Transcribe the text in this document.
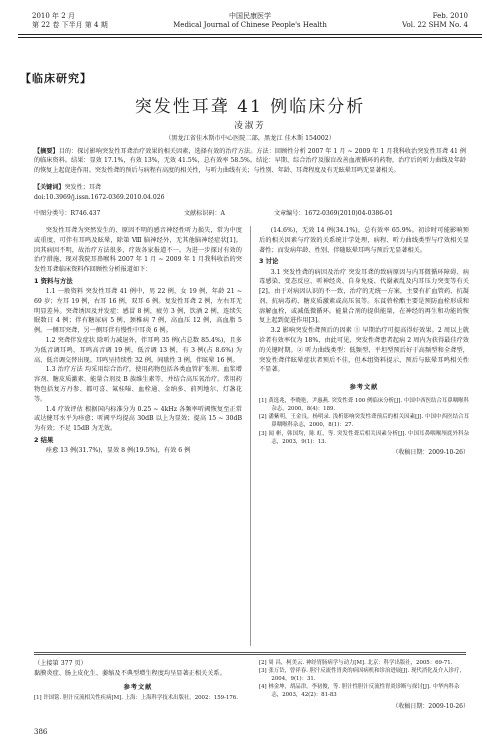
2010 年 2 月
第 22 卷 下半月 第 4 期
中国民康医学
Medical Journal of Chinese People's Health
Feb. 2010
Vol. 22 SHM No. 4
【临床研究】
突发性耳聋 41 例临床分析
凌淑芳
（黑龙江省佳木斯市中心医院二部，黑龙江 佳木斯 154002）
【摘要】目的：探讨影响突发性耳聋治疗效果的相关因素，选择有效的治疗方法。方法：回顾性分析 2007 年 1 月 ~ 2009 年 1 月我科收治突发性耳聋 41 例的临床资料。结果：显效 17.1%，有效 13%，无效 41.5%，总有效率 58.5%。结论：早期、综合治疗及服盲改善血液循环的药物，治疗后的听力曲线及年龄的恢复上起促进作用。突发性聋的预后与病程有高度的相关性，与听力曲线有关；与性别、年龄、耳聋程度及有无眩晕耳鸣无显著相关。
【关键词】突发性；耳聋
doi:10.3969/j.issn.1672-0369.2010.04.026
中图分类号：R746.437	文献标识码：A	文章编号：1672-0369(2010)04-0386-01

突发性耳聋为突然发生的、原因不明的感音神经性听力损失，常为中度或重度，可伴有耳鸣及眩晕，除第 Ⅷ 脑神经外，无其他脑神经症状[1]。因其病因不明，故治疗方法很多，疗效各家报道不一。为进一步探讨有效的治疗措施，现对我院耳鼻喉科 2007 年 1 月 ~ 2009 年 1 月我科收治的突发性耳聋临床资料作回顾性分析报道如下：

1 资料与方法

1.1 一般资料 突发性耳聋 41 例中，男 22 例，女 19 例，年龄 21 ~ 69 岁；左耳 19 例，右耳 16 例，双耳 6 例。复发性耳聋 2 例，左右耳无明显差异。突聋诱因及并发症：感冒 8 例，疲劳 3 例，饮酒 2 例，连续失眠数日 4 例；伴有糖尿病 5 例，颈椎病 7 例，高血压 12 例，高血脂 5 例。一侧耳突聋，另一侧耳伴有慢性中耳炎 6 例。

1.2 突聋伴发症状 除听力减退外，伴耳鸣 35 例(占总数 85.4%)，且多为低音调耳鸣，耳鸣高音调 19 例，低音调 13 例，有 3 例(占 8.6%) 为高、低音调交替出现。耳鸣呈持续性 32 例，间歇性 3 例，伴眩晕 16 例。

1.3 治疗方法 均采用综合治疗，使用药物包括各类血管扩张剂、血浆增容剂、糖皮质激素、能量合剂及 B 族维生素等，并结合高压氧治疗。常用药物包括复方丹参、都可喜、氟桂嗪、血栓通、金纳多、前列地尔、灯盏花等。

1.4 疗效评估 根据国内标准分为 0.25 ~ 4kHz 各频率听阈恢复至正常或达健耳水平为痊愈；听阈平均提高 30dB 以上为显效；提高 15 ~ 30dB 为有效；不足 15dB 为无效。

2 结果

痊愈 13 例(31.7%)，显效 8 例(19.5%)，有效 6 例

(14.6%)，无效 14 例(34.1%)，总有效率 65.9%。初诊时可能影响预后的相关因素与疗效的关系统计学处理，病程、听力曲线类型与疗效相关显著性；而发病年龄、性别、伴随眩晕耳鸣与预后无显著相关。

3 讨论

3.1 突发性聋的病因及治疗 突发耳聋的致病原因与内耳微循环障碍、病毒感染、变态反应、听神经炎、自身免疫、代谢紊乱及内耳压力突变等有关[2]。由于对病因认识的不一致，治疗的无统一方案，主要有扩血管药、抗凝剂、抗病毒药、糖皮质激素或高压氧等。东莨菪栓酯主要是预防血栓形成和溶解血栓，或减低微循环。能量合剂的提供能量，在神经的再生和功能的恢复上起到促进作用[3]。

3.2 影响突发性聋预后的因素 ① 早期治疗可提高得好效果。2 周以上就诊者有效率仅为 18%，由此可见，突发性聋患者起病 2 周内为获得最佳疗效的关键时期。② 听力曲线类型：低频型、平坦型预后好于高频型和全聋型，突发性聋伴眩晕症状者预后不佳，但本组资料提示，预后与眩晕耳鸣相关性不显著。

参考文献
[1] 黄选兆，李晓艳，尹惠燕. 突发性聋 100 例临床分析[J]. 中国中西医结合耳鼻咽喉科杂志，2000，8(4)：189.
[2] 潘紫明，王金良，杨明录. 浅析影响突发性聋预后的相关因素[J]. 中国中西医结合耳鼻咽喉科杂志，2000，8(1)：27.
[3] 闻 彬，韩国均，陈 虹，等. 突发性聋后相关因素分析[J]. 中国耳鼻咽喉颅底外科杂志，2003，9(1)：13.
（收稿日期：2009-10-26）
（上接第 377 页）
黏膜炎症、肠上皮化生、萎缩及不典型增生程度均呈显著正相关关系。
参考文献
[1] 许国铭. 胆汁反流相关性疾病[M]. 上海：上海科学技术出版社，2002：159-176.
[2] 周 昌，柯美云. 神经胃肠病学与动力[M]. 北京：科学出版社，2005：69-71.
[3] 张万岱，曾祥春. 胆汁反流性胃炎的病因病机和诊治进展[J]. 现代消化及介入诊疗，2004，9(1)：31.
[4] 林金坤，胡品津，李初俊，等. 胆汁性胆汁反流性胃炎诊断与探讨[J]. 中华内科杂志，2003，42(2)：81-83
（收稿日期：2009-10-26）
386
